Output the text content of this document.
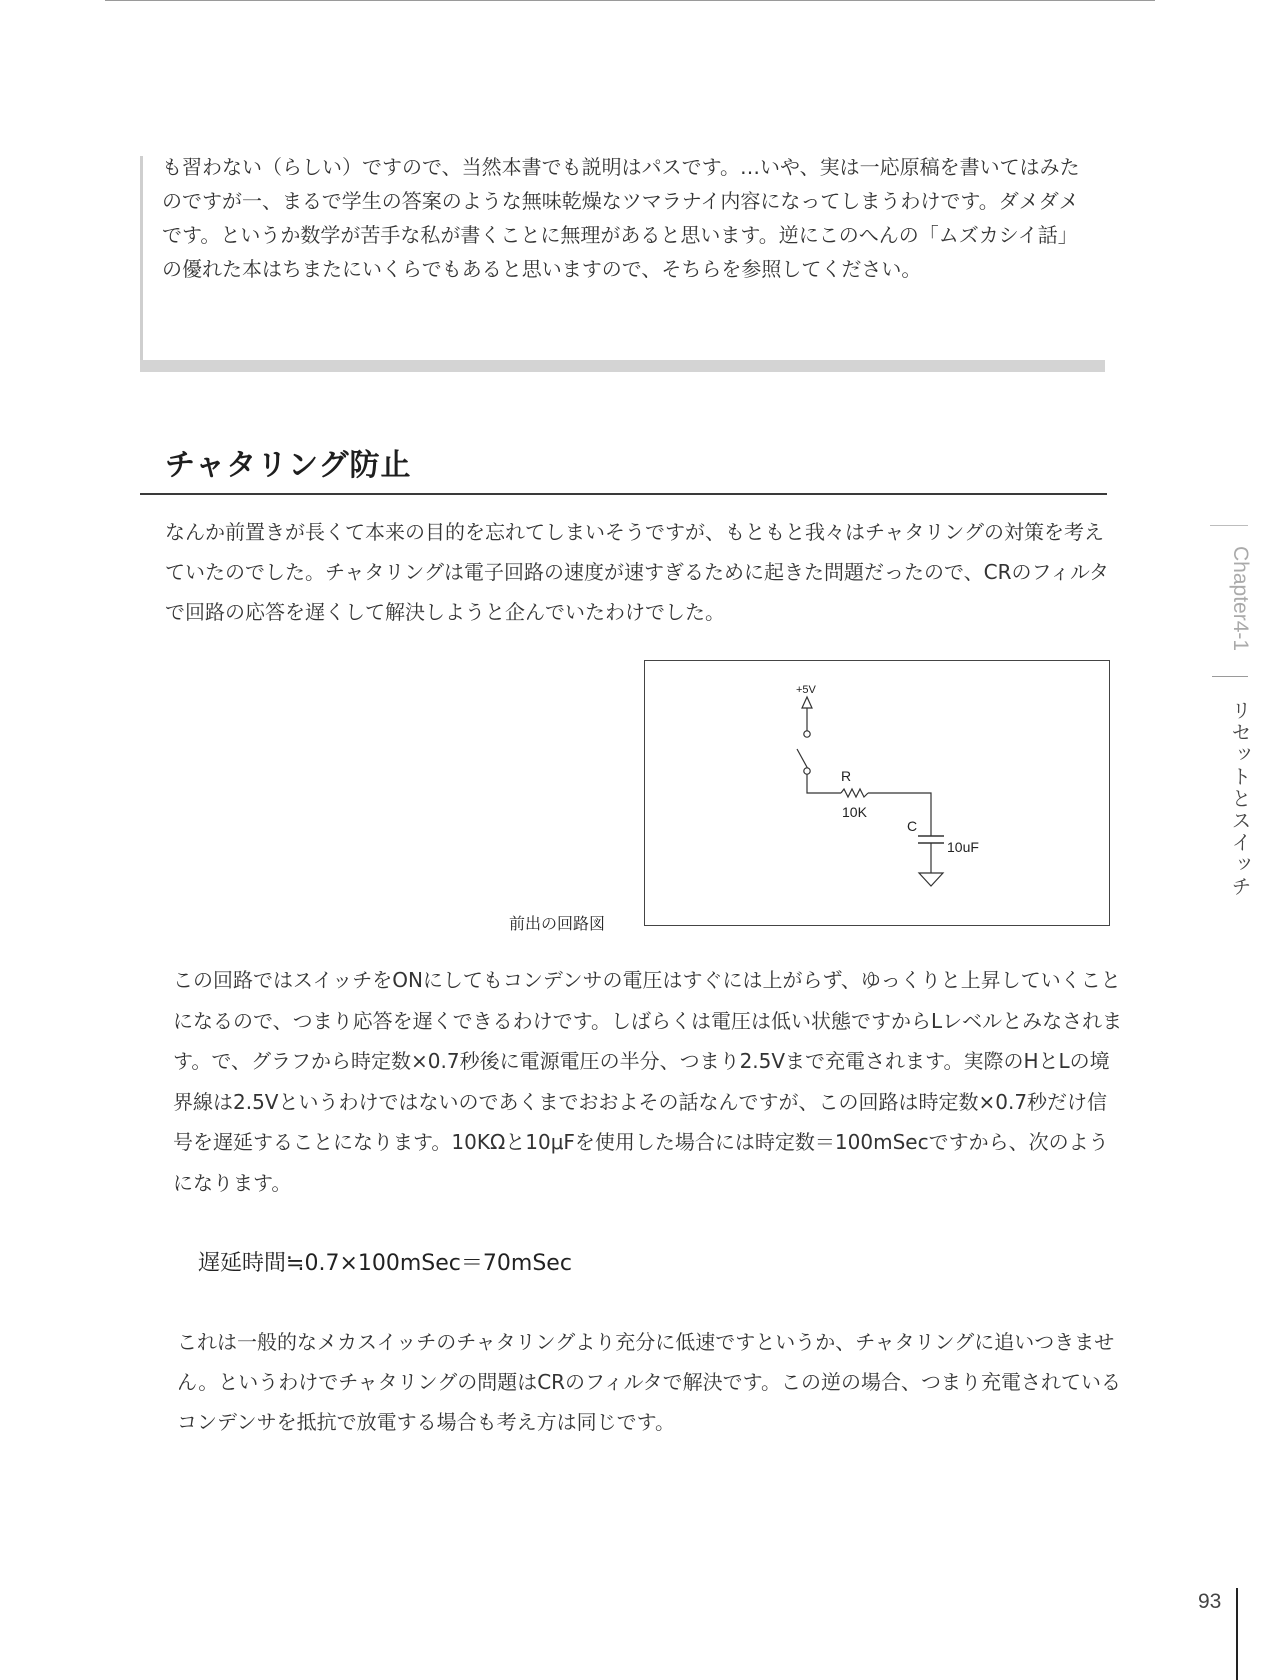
も習わない（らしい）ですので、当然本書でも説明はパスです。…いや、実は一応原稿を書いてはみたのですが一、まるで学生の答案のような無味乾燥なツマラナイ内容になってしまうわけです。ダメダメです。というか数学が苦手な私が書くことに無理があると思います。逆にこのへんの「ムズカシイ話」の優れた本はちまたにいくらでもあると思いますので、そちらを参照してください。

チャタリング防止

なんか前置きが長くて本来の目的を忘れてしまいそうですが、もともと我々はチャタリングの対策を考えていたのでした。チャタリングは電子回路の速度が速すぎるために起きた問題だったので、CRのフィルタで回路の応答を遅くして解決しようと企んでいたわけでした。

+5V
R
10K
C
10uF
前出の回路図

この回路ではスイッチをONにしてもコンデンサの電圧はすぐには上がらず、ゆっくりと上昇していくことになるので、つまり応答を遅くできるわけです。しばらくは電圧は低い状態ですからLレベルとみなされます。で、グラフから時定数×0.7秒後に電源電圧の半分、つまり2.5Vまで充電されます。実際のHとLの境界線は2.5Vというわけではないのであくまでおおよその話なんですが、この回路は時定数×0.7秒だけ信号を遅延することになります。10KΩと10μFを使用した場合には時定数＝100mSecですから、次のようになります。

遅延時間≒0.7×100mSec＝70mSec

これは一般的なメカスイッチのチャタリングより充分に低速ですというか、チャタリングに追いつきません。というわけでチャタリングの問題はCRのフィルタで解決です。この逆の場合、つまり充電されているコンデンサを抵抗で放電する場合も考え方は同じです。

Chapter4-1
リセットとスイッチ
93
